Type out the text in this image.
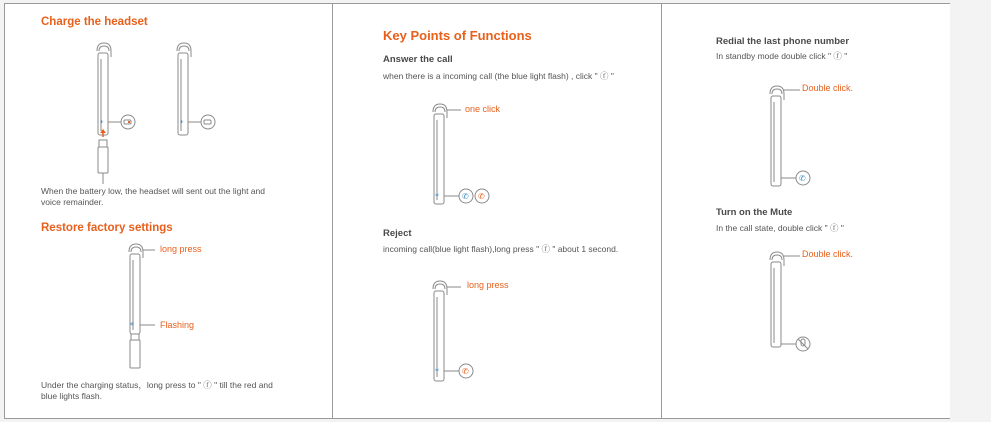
Charge the headset
*	*

When the battery low, the headset will sent out the light and voice remainder.

Restore factory settings
*
long press
Flashing

Under the charging status，long press to " ⓕ " till the red and blue lights flash.

Key Points of Functions
Answer the call

when there is a incoming call (the blue light flash) , click " ⓕ "

*	✆ ✆
one click
Reject

incoming call(blue light flash),long press " ⓕ " about 1 second.

*	✆
long press
Redial the last phone number

In standby mode double click " ⓕ "

✆
Double click.
Turn on the Mute

In the call state, double click " ⓕ "

Double click.
